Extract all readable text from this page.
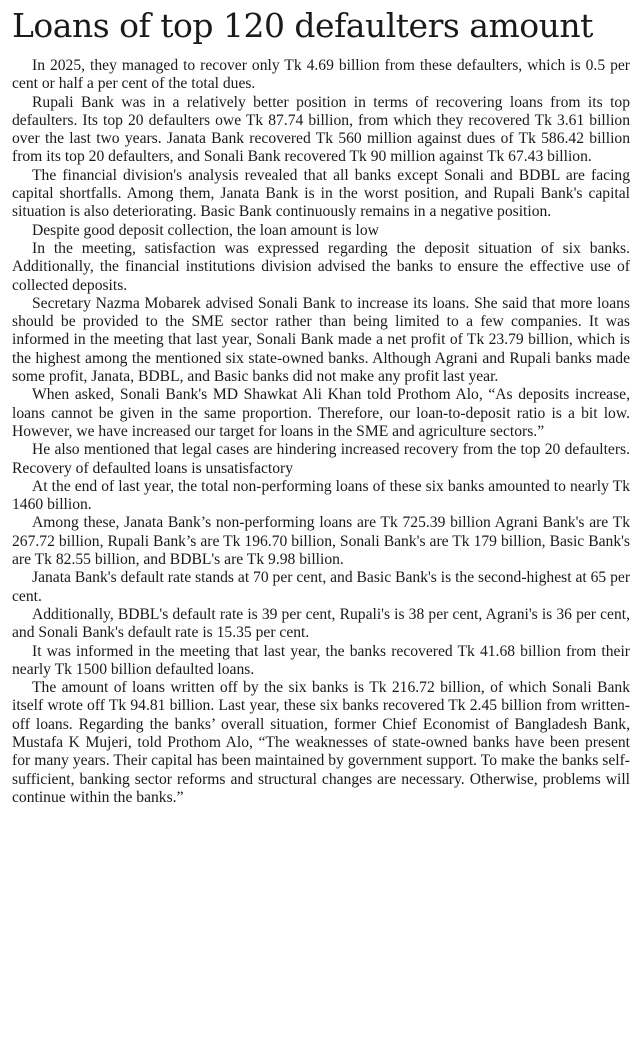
Loans of top 120 defaulters amount

In 2025, they managed to recover only Tk 4.69 billion from these defaulters, which is 0.5 per cent or half a per cent of the total dues.

Rupali Bank was in a relatively better position in terms of recovering loans from its top defaulters. Its top 20 defaulters owe Tk 87.74 billion, from which they recovered Tk 3.61 billion over the last two years. Janata Bank recovered Tk 560 million against dues of Tk 586.42 billion from its top 20 defaulters, and Sonali Bank recovered Tk 90 million against Tk 67.43 billion.

The financial division's analysis revealed that all banks except Sonali and BDBL are facing capital shortfalls. Among them, Janata Bank is in the worst position, and Rupali Bank's capital situation is also deteriorating. Basic Bank continuously remains in a negative position.

Despite good deposit collection, the loan amount is low

In the meeting, satisfaction was expressed regarding the deposit situation of six banks. Additionally, the financial institutions division advised the banks to ensure the effective use of collected deposits.

Secretary Nazma Mobarek advised Sonali Bank to increase its loans. She said that more loans should be provided to the SME sector rather than being limited to a few companies. It was informed in the meeting that last year, Sonali Bank made a net profit of Tk 23.79 billion, which is the highest among the mentioned six state-owned banks. Although Agrani and Rupali banks made some profit, Janata, BDBL, and Basic banks did not make any profit last year.

When asked, Sonali Bank's MD Shawkat Ali Khan told Prothom Alo, “As deposits increase, loans cannot be given in the same proportion. Therefore, our loan-to-deposit ratio is a bit low. However, we have increased our target for loans in the SME and agriculture sectors.”

He also mentioned that legal cases are hindering increased recovery from the top 20 defaulters. Recovery of defaulted loans is unsatisfactory

At the end of last year, the total non-performing loans of these six banks amounted to nearly Tk 1460 billion.

Among these, Janata Bank’s non-performing loans are Tk 725.39 billion Agrani Bank's are Tk 267.72 billion, Rupali Bank’s are Tk 196.70 billion, Sonali Bank's are Tk 179 billion, Basic Bank's are Tk 82.55 billion, and BDBL's are Tk 9.98 billion.

Janata Bank's default rate stands at 70 per cent, and Basic Bank's is the second-highest at 65 per cent.

Additionally, BDBL's default rate is 39 per cent, Rupali's is 38 per cent, Agrani's is 36 per cent, and Sonali Bank's default rate is 15.35 per cent.

It was informed in the meeting that last year, the banks recovered Tk 41.68 billion from their nearly Tk 1500 billion defaulted loans.

The amount of loans written off by the six banks is Tk 216.72 billion, of which Sonali Bank itself wrote off Tk 94.81 billion. Last year, these six banks recovered Tk 2.45 billion from written-off loans. Regarding the banks’ overall situation, former Chief Economist of Bangladesh Bank, Mustafa K Mujeri, told Prothom Alo, “The weaknesses of state-owned banks have been present for many years. Their capital has been maintained by government support. To make the banks self-sufficient, banking sector reforms and structural changes are necessary. Otherwise, problems will continue within the banks.”
